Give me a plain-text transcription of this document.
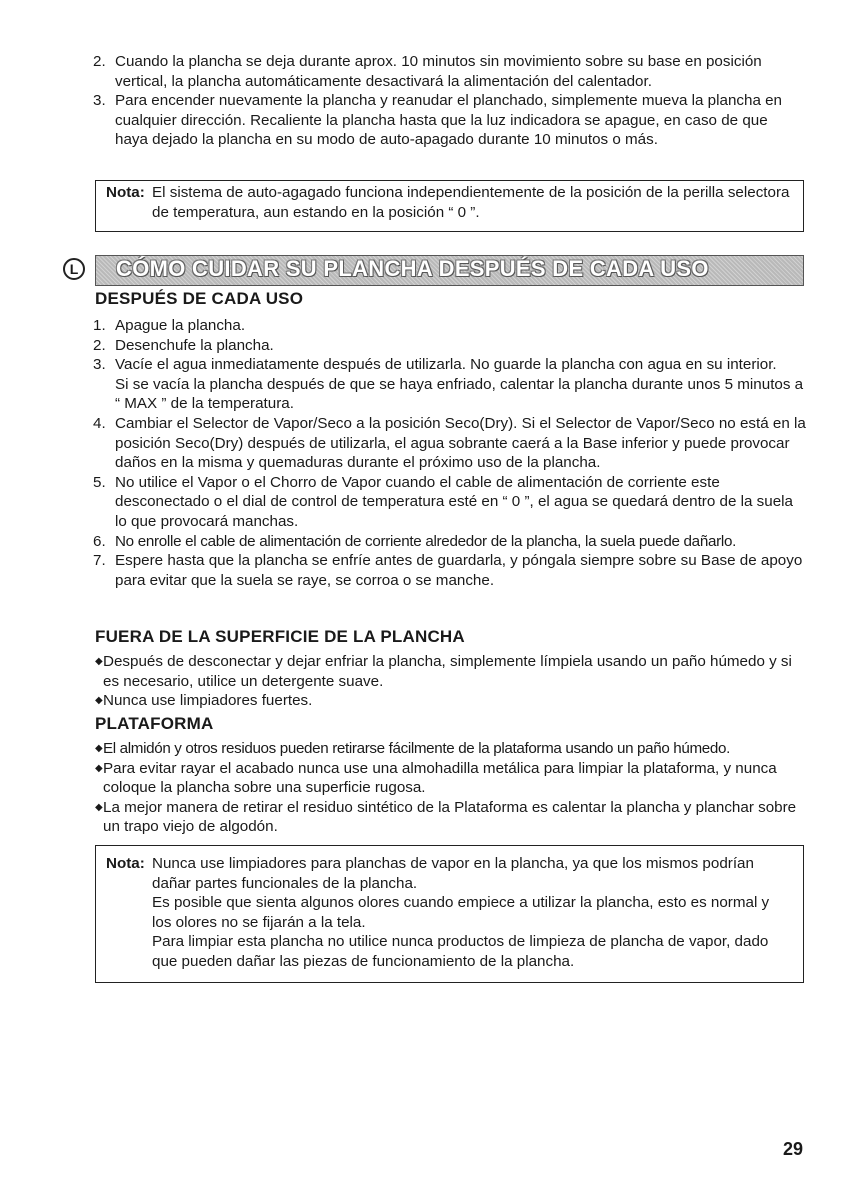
2. Cuando la plancha se deja durante aprox. 10 minutos sin movimiento sobre su base en posición vertical, la plancha automáticamente desactivará la alimentación del calentador.
3. Para encender nuevamente la plancha y reanudar el planchado, simplemente mueva la plancha en cualquier dirección. Recaliente la plancha hasta que la luz indicadora se apague, en caso de que haya dejado la plancha en su modo de auto-apagado durante 10 minutos o más.
Nota: El sistema de auto-agagado funciona independientemente de la posición de la perilla selectora de temperatura, aun estando en la posición “ 0 ”.
L	CÓMO CUIDAR SU PLANCHA DESPUÉS DE CADA USO
DESPUÉS DE CADA USO
1. Apague la plancha.
2. Desenchufe la plancha.
3. Vacíe el agua inmediatamente después de utilizarla. No guarde la plancha con agua en su interior.
Si se vacía la plancha después de que se haya enfriado, calentar la plancha durante unos 5 minutos a “ MAX ” de la temperatura.
4. Cambiar el Selector de Vapor/Seco a la posición Seco(Dry). Si el Selector de Vapor/Seco no está en la posición Seco(Dry) después de utilizarla, el agua sobrante caerá a la Base inferior y puede provocar daños en la misma y quemaduras durante el próximo uso de la plancha.
5. No utilice el Vapor o el Chorro de Vapor cuando el cable de alimentación de corriente este desconectado o el dial de control de temperatura esté en “ 0 ”, el agua se quedará dentro de la suela lo que provocará manchas.
6. No enrolle el cable de alimentación de corriente alrededor de la plancha, la suela puede dañarlo.
7. Espere hasta que la plancha se enfríe antes de guardarla, y póngala siempre sobre su Base de apoyo para evitar que la suela se raye, se corroa o se manche.
FUERA DE LA SUPERFICIE DE LA PLANCHA
◆ Después de desconectar y dejar enfriar la plancha, simplemente límpiela usando un paño húmedo y si es necesario, utilice un detergente suave.
◆ Nunca use limpiadores fuertes.
PLATAFORMA
◆ El almidón y otros residuos pueden retirarse fácilmente de la plataforma usando un paño húmedo.
◆ Para evitar rayar el acabado nunca use una almohadilla metálica para limpiar la plataforma, y nunca coloque la plancha sobre una superficie rugosa.
◆ La mejor manera de retirar el residuo sintético de la Plataforma es calentar la plancha y planchar sobre un trapo viejo de algodón.
Nota: Nunca use limpiadores para planchas de vapor en la plancha, ya que los mismos podrían dañar partes funcionales de la plancha.
Es posible que sienta algunos olores cuando empiece a utilizar la plancha, esto es normal y los olores no se fijarán a la tela.
Para limpiar esta plancha no utilice nunca productos de limpieza de plancha de vapor, dado que pueden dañar las piezas de funcionamiento de la plancha.
29
